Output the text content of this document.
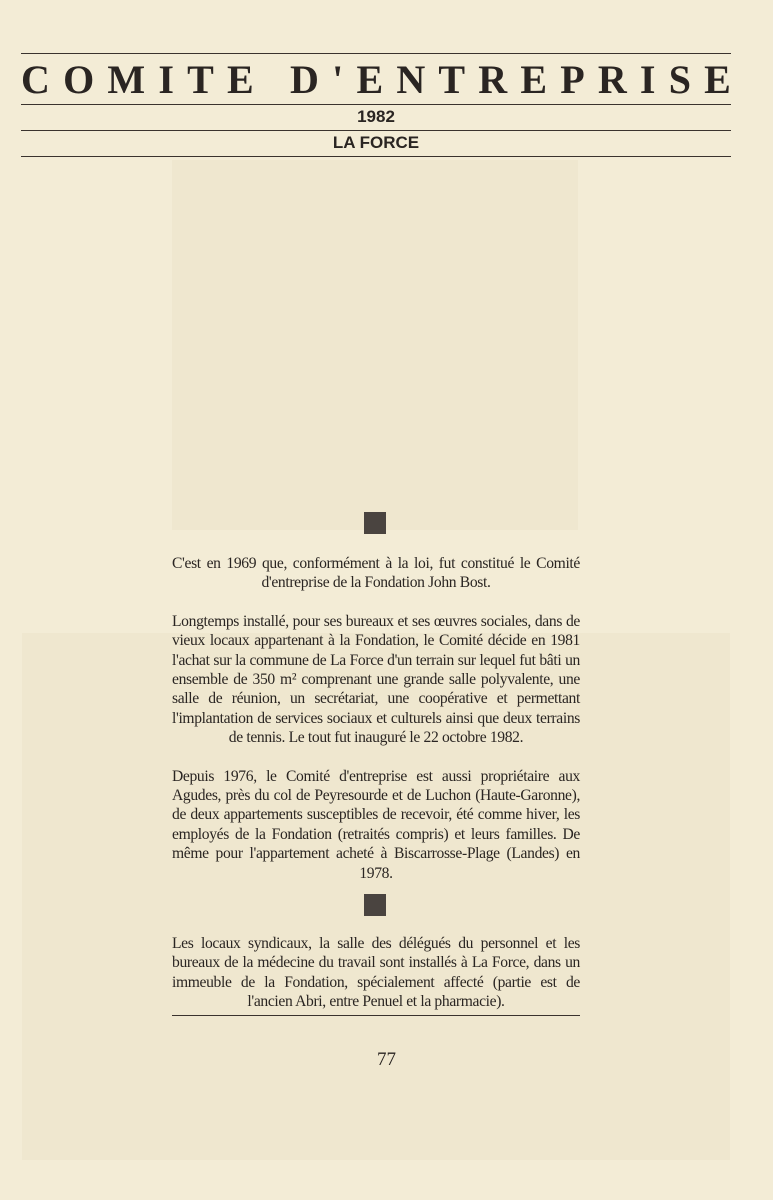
C O M I T E
D ' E N T R E P R I S E
1982
LA FORCE

C'est en 1969 que, conformément à la loi, fut constitué le Comité d'entreprise de la Fondation John Bost.

Longtemps installé, pour ses bureaux et ses œuvres sociales, dans de vieux locaux appartenant à la Fondation, le Comité décide en 1981 l'achat sur la commune de La Force d'un terrain sur lequel fut bâti un ensemble de 350 m² comprenant une grande salle polyvalente, une salle de réunion, un secrétariat, une coopérative et permettant l'implantation de services sociaux et culturels ainsi que deux terrains de tennis. Le tout fut inauguré le 22 octobre 1982.

Depuis 1976, le Comité d'entreprise est aussi propriétaire aux Agudes, près du col de Peyresourde et de Luchon (Haute-Garonne), de deux appartements susceptibles de recevoir, été comme hiver, les employés de la Fondation (retraités compris) et leurs familles. De même pour l'appartement acheté à Biscarrosse-Plage (Landes) en 1978.

Les locaux syndicaux, la salle des délégués du personnel et les bureaux de la médecine du travail sont installés à La Force, dans un immeuble de la Fondation, spécialement affecté (partie est de l'ancien Abri, entre Penuel et la pharmacie).

77
